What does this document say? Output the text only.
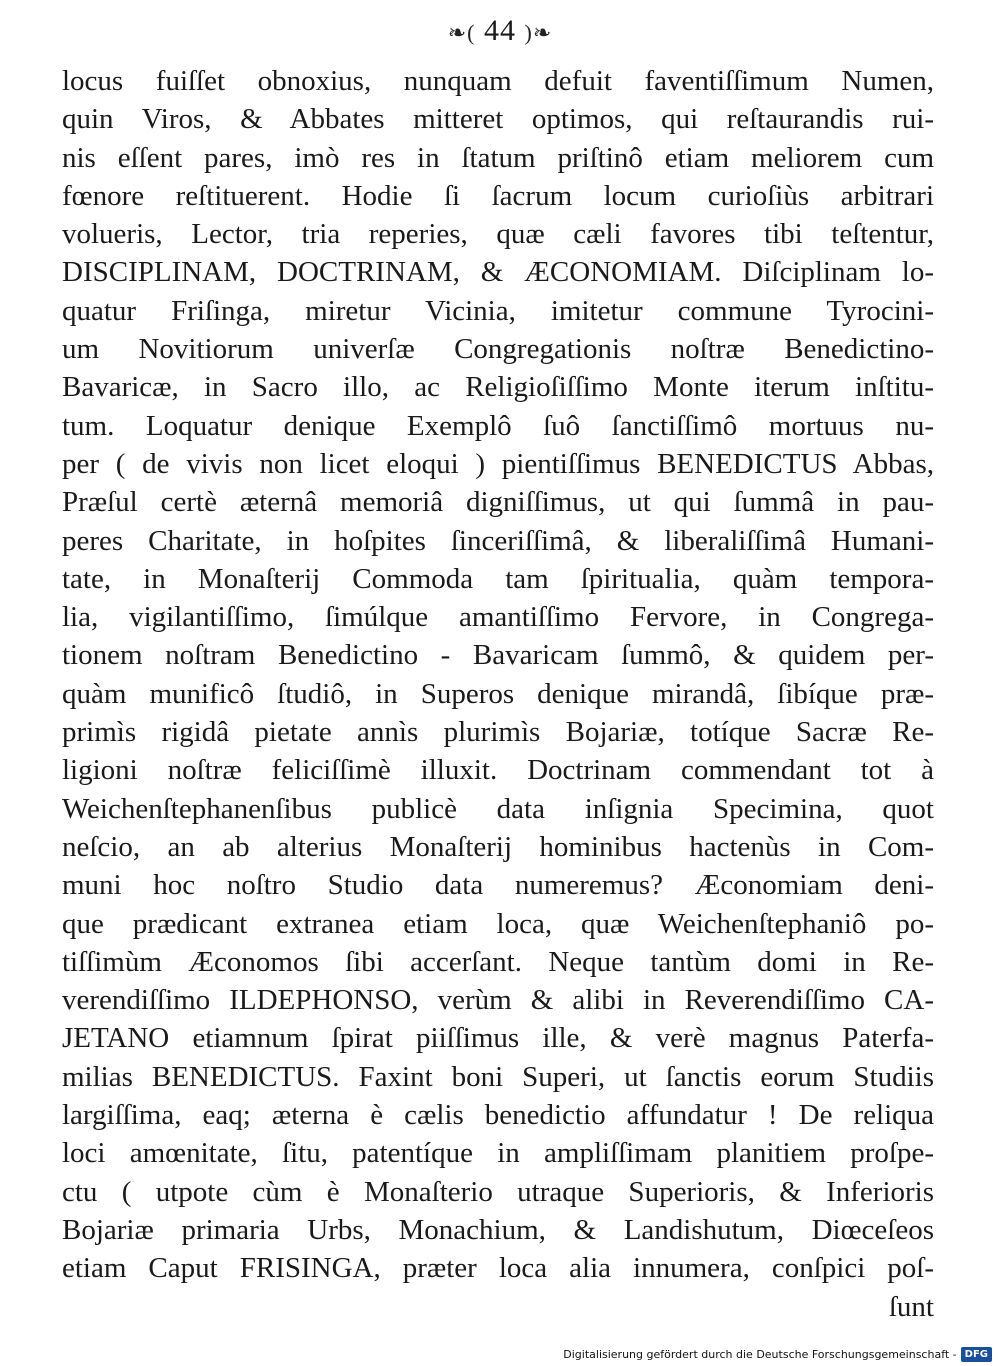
❧( 44 )❧
locus fuiſſet obnoxius, nunquam defuit faventiſſimum Numen,
quin Viros, & Abbates mitteret optimos, qui reſtaurandis rui-
nis eſſent pares, imò res in ſtatum priſtinô etiam meliorem cum
fœnore reſtituerent. Hodie ſi ſacrum locum curioſiùs arbitrari
volueris, Lector, tria reperies, quæ cæli favores tibi teſtentur,
DISCIPLINAM, DOCTRINAM, & ÆCONOMIAM. Diſciplinam lo-
quatur Friſinga, miretur Vicinia, imitetur commune Tyrocini-
um Novitiorum univerſæ Congregationis noſtræ Benedictino-
Bavaricæ, in Sacro illo, ac Religioſiſſimo Monte iterum inſtitu-
tum. Loquatur denique Exemplô ſuô ſanctiſſimô mortuus nu-
per ( de vivis non licet eloqui ) pientiſſimus BENEDICTUS Abbas,
Præſul certè æternâ memoriâ digniſſimus, ut qui ſummâ in pau-
peres Charitate, in hoſpites ſinceriſſimâ, & liberaliſſimâ Humani-
tate, in Monaſterij Commoda tam ſpiritualia, quàm tempora-
lia, vigilantiſſimo, ſimúlque amantiſſimo Fervore, in Congrega-
tionem noſtram Benedictino - Bavaricam ſummô, & quidem per-
quàm munificô ſtudiô, in Superos denique mirandâ, ſibíque præ-
primìs rigidâ pietate annìs plurimìs Bojariæ, totíque Sacræ Re-
ligioni noſtræ feliciſſimè illuxit. Doctrinam commendant tot à
Weichenſtephanenſibus publicè data inſignia Specimina, quot
neſcio, an ab alterius Monaſterij hominibus hactenùs in Com-
muni hoc noſtro Studio data numeremus? Æconomiam deni-
que prædicant extranea etiam loca, quæ Weichenſtephaniô po-
tiſſimùm Æconomos ſibi accerſant. Neque tantùm domi in Re-
verendiſſimo ILDEPHONSO, verùm & alibi in Reverendiſſimo CA-
JETANO etiamnum ſpirat piiſſimus ille, & verè magnus Paterfa-
milias BENEDICTUS. Faxint boni Superi, ut ſanctis eorum Studiis
largiſſima, eaq; æterna è cælis benedictio affundatur ! De reliqua
loci amœnitate, ſitu, patentíque in ampliſſimam planitiem proſpe-
ctu ( utpote cùm è Monaſterio utraque Superioris, & Inferioris
Bojariæ primaria Urbs, Monachium, & Landishutum, Diœceſeos
etiam Caput FRISINGA, præter loca alia innumera, conſpici poſ-
ſunt
Digitalisierung gefördert durch die Deutsche Forschungsgemeinschaft - DFG
